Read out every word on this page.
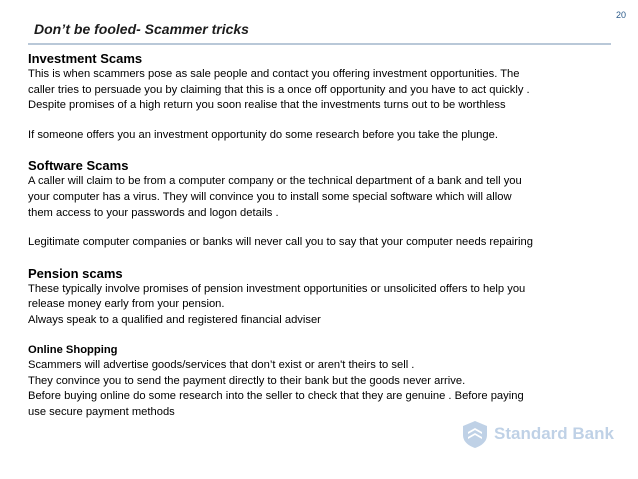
20
Don’t be fooled- Scammer tricks

Investment Scams

This is when scammers pose as sale people and contact you offering investment opportunities. The

caller tries to persuade you by claiming that this is a once off opportunity and you have to act quickly .

Despite promises of a high return you soon realise that the investments turns out to be worthless

If someone offers you an investment opportunity do some research before you take the plunge.

Software Scams

A caller will claim to be from a computer company or the technical department of a bank and tell you

your computer has a virus. They will convince you to install some special software which will allow

them access to your passwords and logon details .

Legitimate computer companies or banks will never call you to say that your computer needs repairing

Pension scams

These typically involve promises of pension investment opportunities or unsolicited offers to help you

release money early from your pension.

Always speak to a qualified and registered financial adviser

Online Shopping

Scammers will advertise goods/services that don’t exist or aren't theirs to sell .

They convince you to send the payment directly to their bank but the goods never arrive.

Before buying online do some research into the seller to check that they are genuine . Before paying

use secure payment methods

Standard Bank
